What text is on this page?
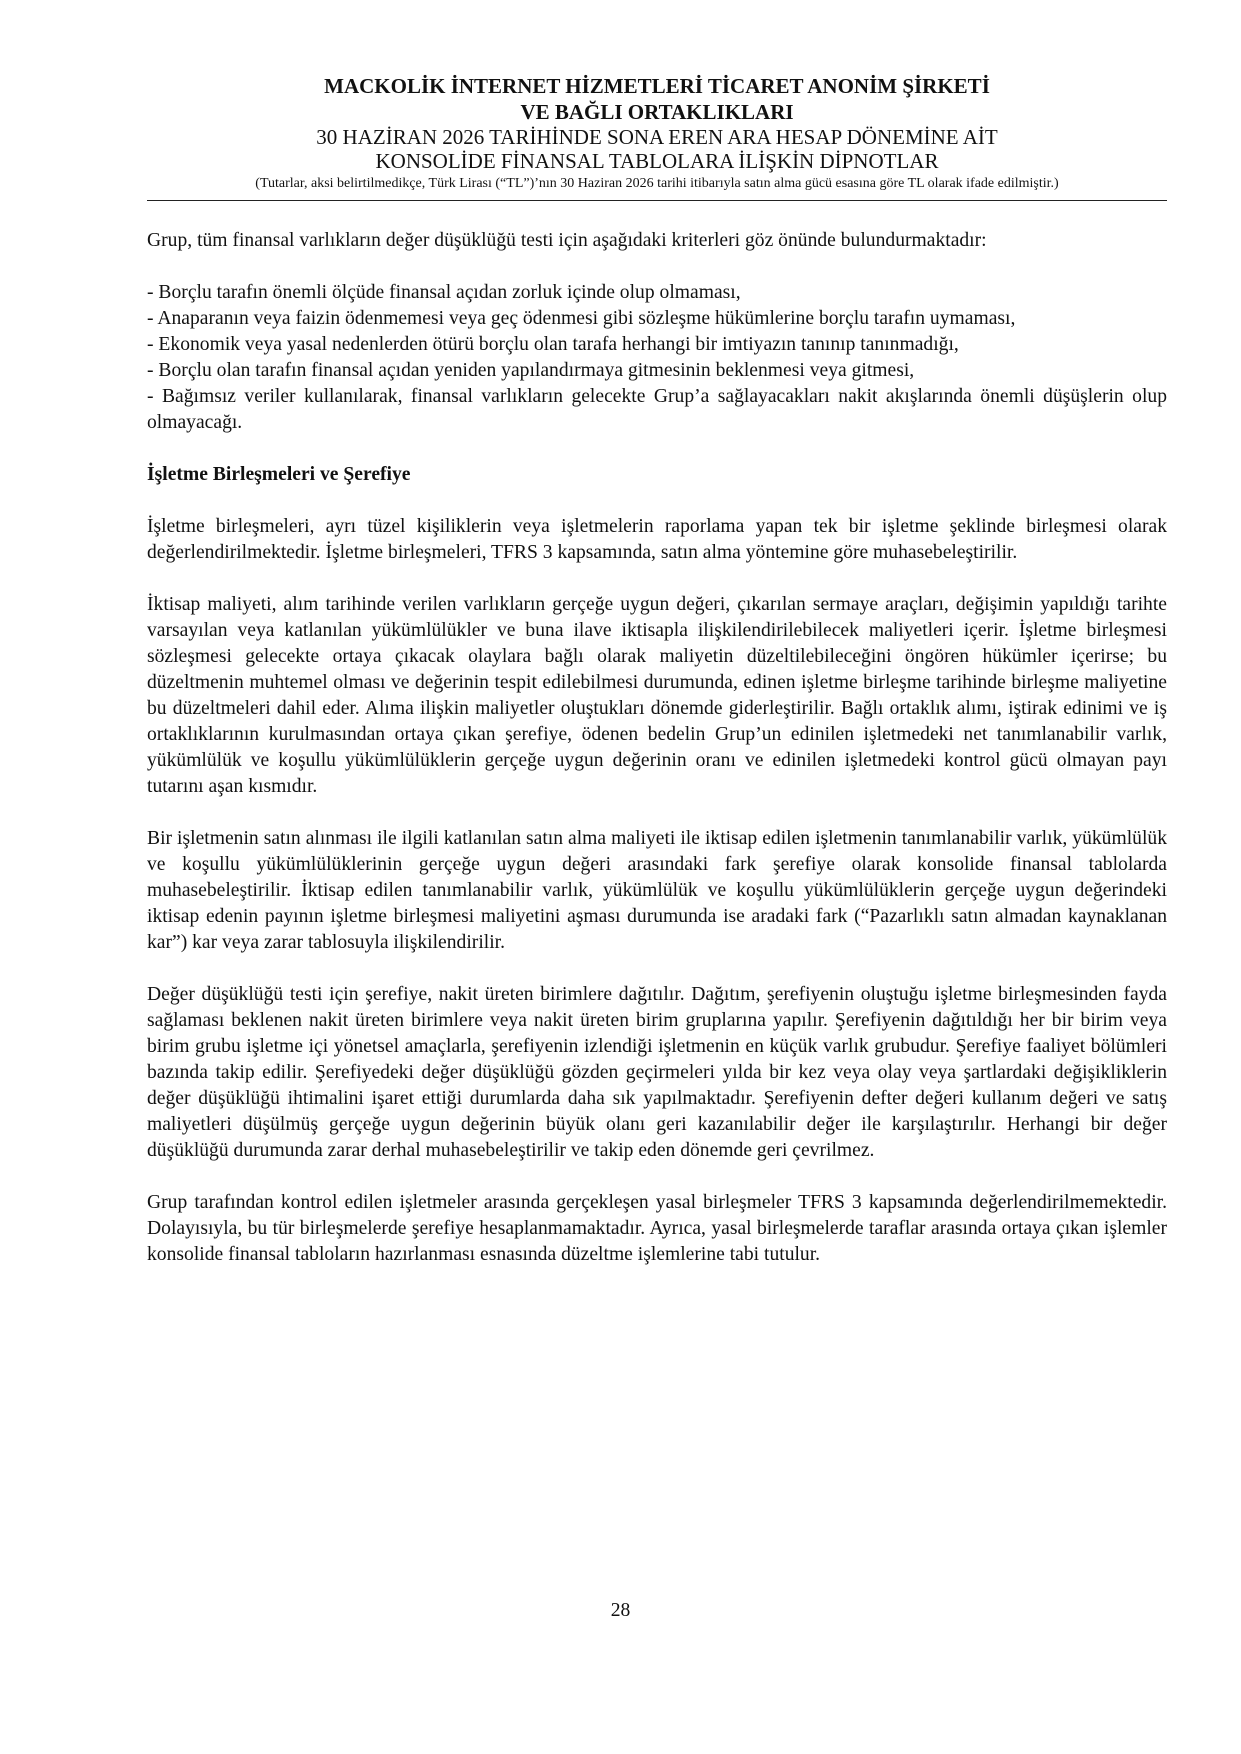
MACKOLİK İNTERNET HİZMETLERİ TİCARET ANONİM ŞİRKETİ
VE BAĞLI ORTAKLIKLARI
30 HAZİRAN 2026 TARİHİNDE SONA EREN ARA HESAP DÖNEMİNE AİT
KONSOLİDE FİNANSAL TABLOLARA İLİŞKİN DİPNOTLAR
(Tutarlar, aksi belirtilmedikçe, Türk Lirası (“TL”)’nın 30 Haziran 2026 tarihi itibarıyla satın alma gücü esasına göre TL olarak ifade edilmiştir.)

Grup, tüm finansal varlıkların değer düşüklüğü testi için aşağıdaki kriterleri göz önünde bulundurmaktadır:

- Borçlu tarafın önemli ölçüde finansal açıdan zorluk içinde olup olmaması,

- Anaparanın veya faizin ödenmemesi veya geç ödenmesi gibi sözleşme hükümlerine borçlu tarafın uymaması,

- Ekonomik veya yasal nedenlerden ötürü borçlu olan tarafa herhangi bir imtiyazın tanınıp tanınmadığı,

- Borçlu olan tarafın finansal açıdan yeniden yapılandırmaya gitmesinin beklenmesi veya gitmesi,

- Bağımsız veriler kullanılarak, finansal varlıkların gelecekte Grup’a sağlayacakları nakit akışlarında önemli düşüşlerin olup olmayacağı.

İşletme Birleşmeleri ve Şerefiye

İşletme birleşmeleri, ayrı tüzel kişiliklerin veya işletmelerin raporlama yapan tek bir işletme şeklinde birleşmesi olarak değerlendirilmektedir. İşletme birleşmeleri, TFRS 3 kapsamında, satın alma yöntemine göre muhasebeleştirilir.

İktisap maliyeti, alım tarihinde verilen varlıkların gerçeğe uygun değeri, çıkarılan sermaye araçları, değişimin yapıldığı tarihte varsayılan veya katlanılan yükümlülükler ve buna ilave iktisapla ilişkilendirilebilecek maliyetleri içerir. İşletme birleşmesi sözleşmesi gelecekte ortaya çıkacak olaylara bağlı olarak maliyetin düzeltilebileceğini öngören hükümler içerirse; bu düzeltmenin muhtemel olması ve değerinin tespit edilebilmesi durumunda, edinen işletme birleşme tarihinde birleşme maliyetine bu düzeltmeleri dahil eder. Alıma ilişkin maliyetler oluştukları dönemde giderleştirilir. Bağlı ortaklık alımı, iştirak edinimi ve iş ortaklıklarının kurulmasından ortaya çıkan şerefiye, ödenen bedelin Grup’un edinilen işletmedeki net tanımlanabilir varlık, yükümlülük ve koşullu yükümlülüklerin gerçeğe uygun değerinin oranı ve edinilen işletmedeki kontrol gücü olmayan payı tutarını aşan kısmıdır.

Bir işletmenin satın alınması ile ilgili katlanılan satın alma maliyeti ile iktisap edilen işletmenin tanımlanabilir varlık, yükümlülük ve koşullu yükümlülüklerinin gerçeğe uygun değeri arasındaki fark şerefiye olarak konsolide finansal tablolarda muhasebeleştirilir. İktisap edilen tanımlanabilir varlık, yükümlülük ve koşullu yükümlülüklerin gerçeğe uygun değerindeki iktisap edenin payının işletme birleşmesi maliyetini aşması durumunda ise aradaki fark (“Pazarlıklı satın almadan kaynaklanan kar”) kar veya zarar tablosuyla ilişkilendirilir.

Değer düşüklüğü testi için şerefiye, nakit üreten birimlere dağıtılır. Dağıtım, şerefiyenin oluştuğu işletme birleşmesinden fayda sağlaması beklenen nakit üreten birimlere veya nakit üreten birim gruplarına yapılır. Şerefiyenin dağıtıldığı her bir birim veya birim grubu işletme içi yönetsel amaçlarla, şerefiyenin izlendiği işletmenin en küçük varlık grubudur. Şerefiye faaliyet bölümleri bazında takip edilir. Şerefiyedeki değer düşüklüğü gözden geçirmeleri yılda bir kez veya olay veya şartlardaki değişikliklerin değer düşüklüğü ihtimalini işaret ettiği durumlarda daha sık yapılmaktadır. Şerefiyenin defter değeri kullanım değeri ve satış maliyetleri düşülmüş gerçeğe uygun değerinin büyük olanı geri kazanılabilir değer ile karşılaştırılır. Herhangi bir değer düşüklüğü durumunda zarar derhal muhasebeleştirilir ve takip eden dönemde geri çevrilmez.

Grup tarafından kontrol edilen işletmeler arasında gerçekleşen yasal birleşmeler TFRS 3 kapsamında değerlendirilmemektedir. Dolayısıyla, bu tür birleşmelerde şerefiye hesaplanmamaktadır. Ayrıca, yasal birleşmelerde taraflar arasında ortaya çıkan işlemler konsolide finansal tabloların hazırlanması esnasında düzeltme işlemlerine tabi tutulur.

28
